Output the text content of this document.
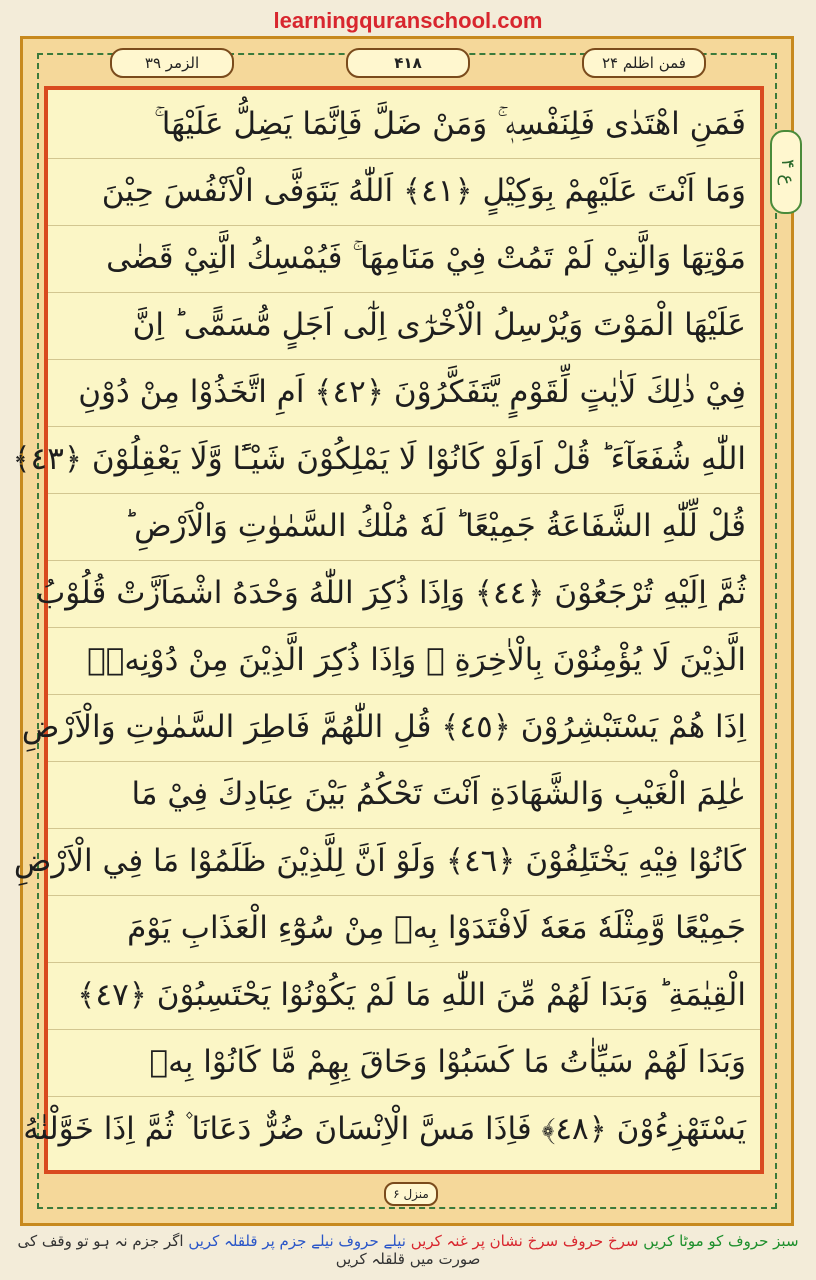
learningquranschool.com
الزمر ۳۹	۴۱۸	فمن اظلم ۲۴
فَمَنِ اهْتَدٰى فَلِنَفْسِهٖ ۚ وَمَنْ ضَلَّ فَاِنَّمَا يَضِلُّ عَلَيْهَا ۚ
وَمَا اَنْتَ عَلَيْهِمْ بِوَكِيْلٍ ﴿٤١﴾ اَللّٰهُ يَتَوَفَّى الْاَنْفُسَ حِيْنَ
مَوْتِهَا وَالَّتِيْ لَمْ تَمُتْ فِيْ مَنَامِهَا ۚ فَيُمْسِكُ الَّتِيْ قَضٰى
عَلَيْهَا الْمَوْتَ وَيُرْسِلُ الْاُخْرٰٓى اِلٰٓى اَجَلٍ مُّسَمًّى ؕ اِنَّ
فِيْ ذٰلِكَ لَاٰيٰتٍ لِّقَوْمٍ يَّتَفَكَّرُوْنَ ﴿٤٢﴾ اَمِ اتَّخَذُوْا مِنْ دُوْنِ
اللّٰهِ شُفَعَآءَ ؕ قُلْ اَوَلَوْ كَانُوْا لَا يَمْلِكُوْنَ شَيْـًٔا وَّلَا يَعْقِلُوْنَ ﴿٤٣﴾
قُلْ لِّلّٰهِ الشَّفَاعَةُ جَمِيْعًا ؕ لَهٗ مُلْكُ السَّمٰوٰتِ وَالْاَرْضِ ؕ
ثُمَّ اِلَيْهِ تُرْجَعُوْنَ ﴿٤٤﴾ وَاِذَا ذُكِرَ اللّٰهُ وَحْدَهُ اشْمَاَزَّتْ قُلُوْبُ
الَّذِيْنَ لَا يُؤْمِنُوْنَ بِالْاٰخِرَةِ ۚ وَاِذَا ذُكِرَ الَّذِيْنَ مِنْ دُوْنِهٖۤ
اِذَا هُمْ يَسْتَبْشِرُوْنَ ﴿٤٥﴾ قُلِ اللّٰهُمَّ فَاطِرَ السَّمٰوٰتِ وَالْاَرْضِ
عٰلِمَ الْغَيْبِ وَالشَّهَادَةِ اَنْتَ تَحْكُمُ بَيْنَ عِبَادِكَ فِيْ مَا
كَانُوْا فِيْهِ يَخْتَلِفُوْنَ ﴿٤٦﴾ وَلَوْ اَنَّ لِلَّذِيْنَ ظَلَمُوْا مَا فِي الْاَرْضِ
جَمِيْعًا وَّمِثْلَهٗ مَعَهٗ لَافْتَدَوْا بِهٖ مِنْ سُوْٓءِ الْعَذَابِ يَوْمَ
الْقِيٰمَةِ ؕ وَبَدَا لَهُمْ مِّنَ اللّٰهِ مَا لَمْ يَكُوْنُوْا يَحْتَسِبُوْنَ ﴿٤٧﴾
وَبَدَا لَهُمْ سَيِّاٰتُ مَا كَسَبُوْا وَحَاقَ بِهِمْ مَّا كَانُوْا بِهٖ
يَسْتَهْزِءُوْنَ ﴿٤٨﴾ فَاِذَا مَسَّ الْاِنْسَانَ ضُرٌّ دَعَانَا ۫ ثُمَّ اِذَا خَوَّلْنٰهُ
ع ۴
منزل ۶
سبز حروف کو موٹا کریں سرخ حروف سرخ نشان پر غنہ کریں نیلے حروف نیلے جزم پر قلقلہ کریں اگر جزم نہ ہو تو وقف کی صورت میں قلقلہ کریں
